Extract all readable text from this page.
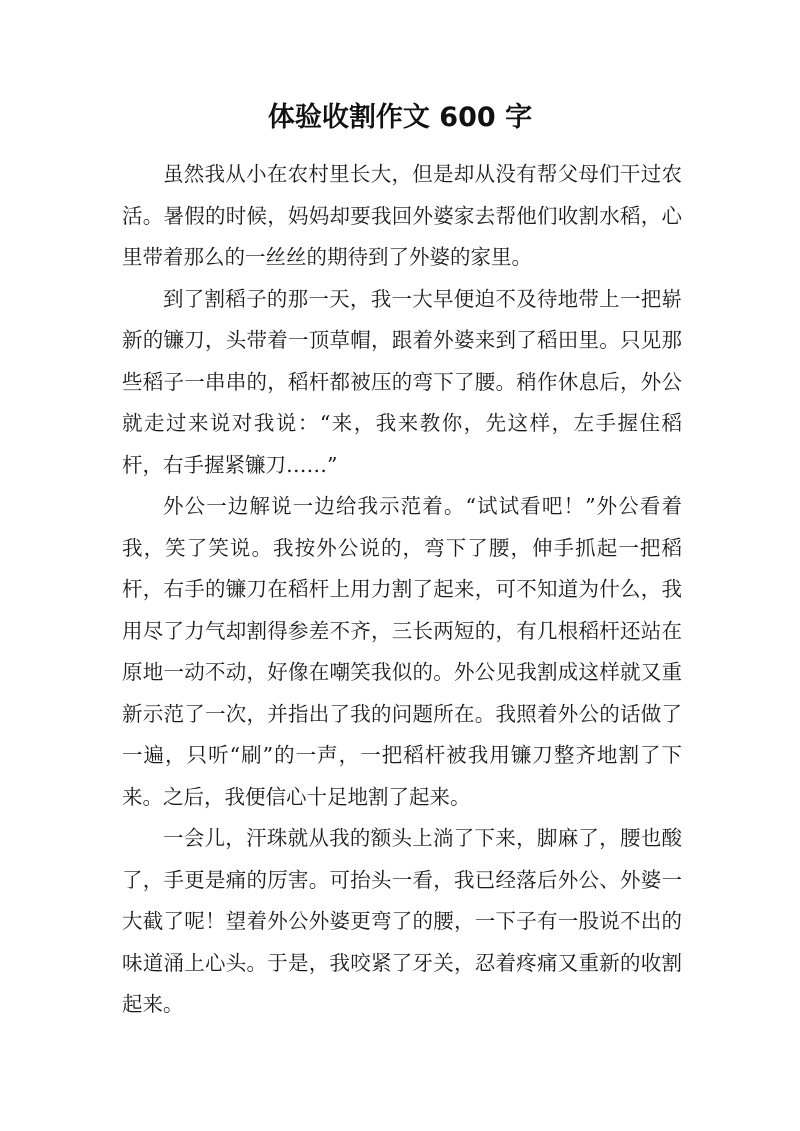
体验收割作文 600 字

虽然我从小在农村里长大，但是却从没有帮父母们干过农活。暑假的时候，妈妈却要我回外婆家去帮他们收割水稻，心里带着那么的一丝丝的期待到了外婆的家里。

到了割稻子的那一天，我一大早便迫不及待地带上一把崭新的镰刀，头带着一顶草帽，跟着外婆来到了稻田里。只见那些稻子一串串的，稻杆都被压的弯下了腰。稍作休息后，外公就走过来说对我说：“来，我来教你，先这样，左手握住稻杆，右手握紧镰刀……”

外公一边解说一边给我示范着。“试试看吧！”外公看着我，笑了笑说。我按外公说的，弯下了腰，伸手抓起一把稻杆，右手的镰刀在稻杆上用力割了起来，可不知道为什么，我用尽了力气却割得参差不齐，三长两短的，有几根稻杆还站在原地一动不动，好像在嘲笑我似的。外公见我割成这样就又重新示范了一次，并指出了我的问题所在。我照着外公的话做了一遍，只听“刷”的一声，一把稻杆被我用镰刀整齐地割了下来。之后，我便信心十足地割了起来。

一会儿，汗珠就从我的额头上淌了下来，脚麻了，腰也酸了，手更是痛的厉害。可抬头一看，我已经落后外公、外婆一大截了呢！望着外公外婆更弯了的腰，一下子有一股说不出的味道涌上心头。于是，我咬紧了牙关，忍着疼痛又重新的收割起来。
